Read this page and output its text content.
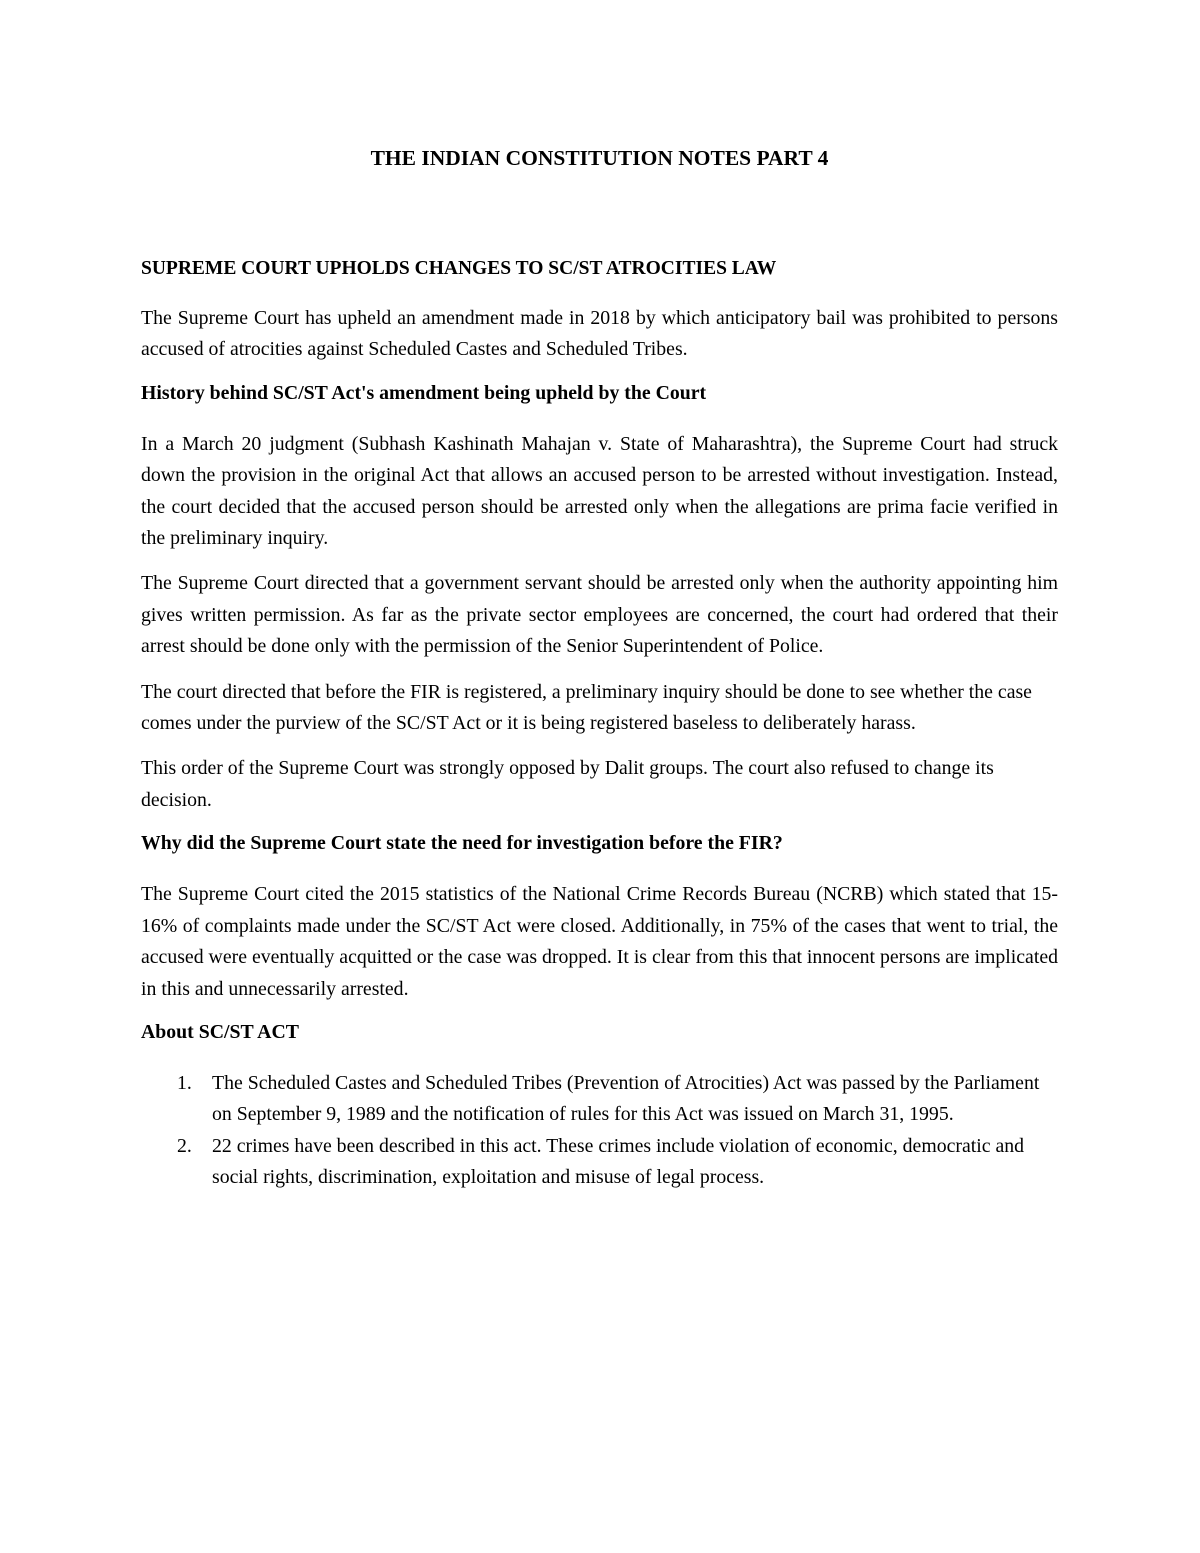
THE INDIAN CONSTITUTION NOTES PART 4
SUPREME COURT UPHOLDS CHANGES TO SC/ST ATROCITIES LAW

The Supreme Court has upheld an amendment made in 2018 by which anticipatory bail was prohibited to persons accused of atrocities against Scheduled Castes and Scheduled Tribes.

History behind SC/ST Act's amendment being upheld by the Court

In a March 20 judgment (Subhash Kashinath Mahajan v. State of Maharashtra), the Supreme Court had struck down the provision in the original Act that allows an accused person to be arrested without investigation. Instead, the court decided that the accused person should be arrested only when the allegations are prima facie verified in the preliminary inquiry.

The Supreme Court directed that a government servant should be arrested only when the authority appointing him gives written permission. As far as the private sector employees are concerned, the court had ordered that their arrest should be done only with the permission of the Senior Superintendent of Police.

The court directed that before the FIR is registered, a preliminary inquiry should be done to see whether the case comes under the purview of the SC/ST Act or it is being registered baseless to deliberately harass.

This order of the Supreme Court was strongly opposed by Dalit groups. The court also refused to change its decision.

Why did the Supreme Court state the need for investigation before the FIR?

The Supreme Court cited the 2015 statistics of the National Crime Records Bureau (NCRB) which stated that 15-16% of complaints made under the SC/ST Act were closed. Additionally, in 75% of the cases that went to trial, the accused were eventually acquitted or the case was dropped. It is clear from this that innocent persons are implicated in this and unnecessarily arrested.

About SC/ST ACT
1. The Scheduled Castes and Scheduled Tribes (Prevention of Atrocities) Act was passed by the Parliament on September 9, 1989 and the notification of rules for this Act was issued on March 31, 1995.
2. 22 crimes have been described in this act. These crimes include violation of economic, democratic and social rights, discrimination, exploitation and misuse of legal process.
